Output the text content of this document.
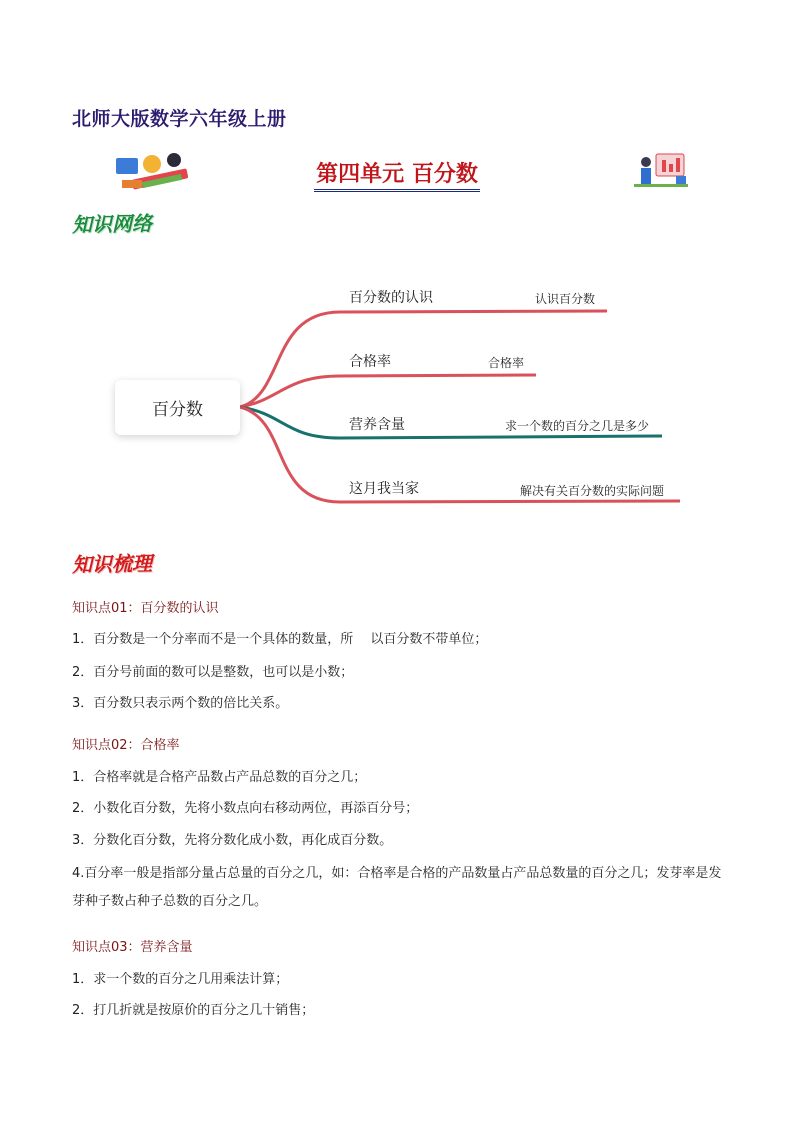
北师大版数学六年级上册
第四单元 百分数
知识网络
百分数
百分数的认识	认识百分数
合格率	合格率
营养含量	求一个数的百分之几是多少
这月我当家	解决有关百分数的实际问题
知识梳理
知识点01：百分数的认识
1．百分数是一个分率而不是一个具体的数量，所　 以百分数不带单位；
2．百分号前面的数可以是整数，也可以是小数；
3．百分数只表示两个数的倍比关系。
知识点02：合格率
1．合格率就是合格产品数占产品总数的百分之几；
2．小数化百分数，先将小数点向右移动两位，再添百分号；
3．分数化百分数，先将分数化成小数，再化成百分数。
4.百分率一般是指部分量占总量的百分之几，如：合格率是合格的产品数量占产品总数量的百分之几；发芽率是发芽种子数占种子总数的百分之几。
知识点03：营养含量
1．求一个数的百分之几用乘法计算；
2．打几折就是按原价的百分之几十销售；
